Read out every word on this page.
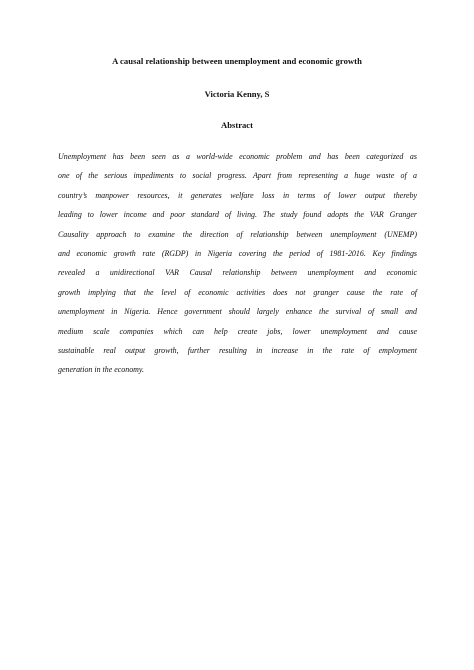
A causal relationship between unemployment and economic growth
Victoria Kenny, S
Abstract
Unemployment has been seen as a world-wide economic problem and has been categorized as
one of the serious impediments to social progress. Apart from representing a huge waste of a
country’s manpower resources, it generates welfare loss in terms of lower output thereby
leading to lower income and poor standard of living. The study found adopts the VAR Granger
Causality approach to examine the direction of relationship between unemployment (UNEMP)
and economic growth rate (RGDP) in Nigeria covering the period of 1981-2016. Key findings
revealed a unidirectional VAR Causal relationship between unemployment and economic
growth implying that the level of economic activities does not granger cause the rate of
unemployment in Nigeria. Hence government should largely enhance the survival of small and
medium scale companies which can help create jobs, lower unemployment and cause
sustainable real output growth, further resulting in increase in the rate of employment
generation in the economy.
